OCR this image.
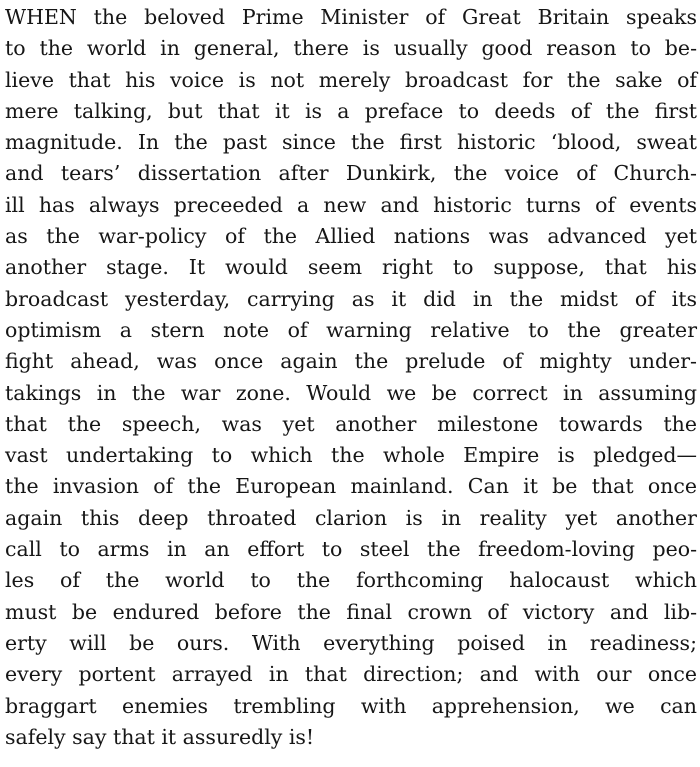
WHEN the beloved Prime Minister of Great Britain speaks
to the world in general, there is usually good reason to be-
lieve that his voice is not merely broadcast for the sake of
mere talking, but that it is a preface to deeds of the first
magnitude. In the past since the first historic ‘blood, sweat
and tears’ dissertation after Dunkirk, the voice of Church-
ill has always preceeded a new and historic turns of events
as the war-policy of the Allied nations was advanced yet
another stage. It would seem right to suppose, that his
broadcast yesterday, carrying as it did in the midst of its
optimism a stern note of warning relative to the greater
fight ahead, was once again the prelude of mighty under-
takings in the war zone. Would we be correct in assuming
that the speech, was yet another milestone towards the
vast undertaking to which the whole Empire is pledged—
the invasion of the European mainland. Can it be that once
again this deep throated clarion is in reality yet another
call to arms in an effort to steel the freedom-loving peo-
les of the world to the forthcoming halocaust which
must be endured before the final crown of victory and lib-
erty will be ours. With everything poised in readiness;
every portent arrayed in that direction; and with our once
braggart enemies trembling with apprehension, we can
safely say that it assuredly is!
